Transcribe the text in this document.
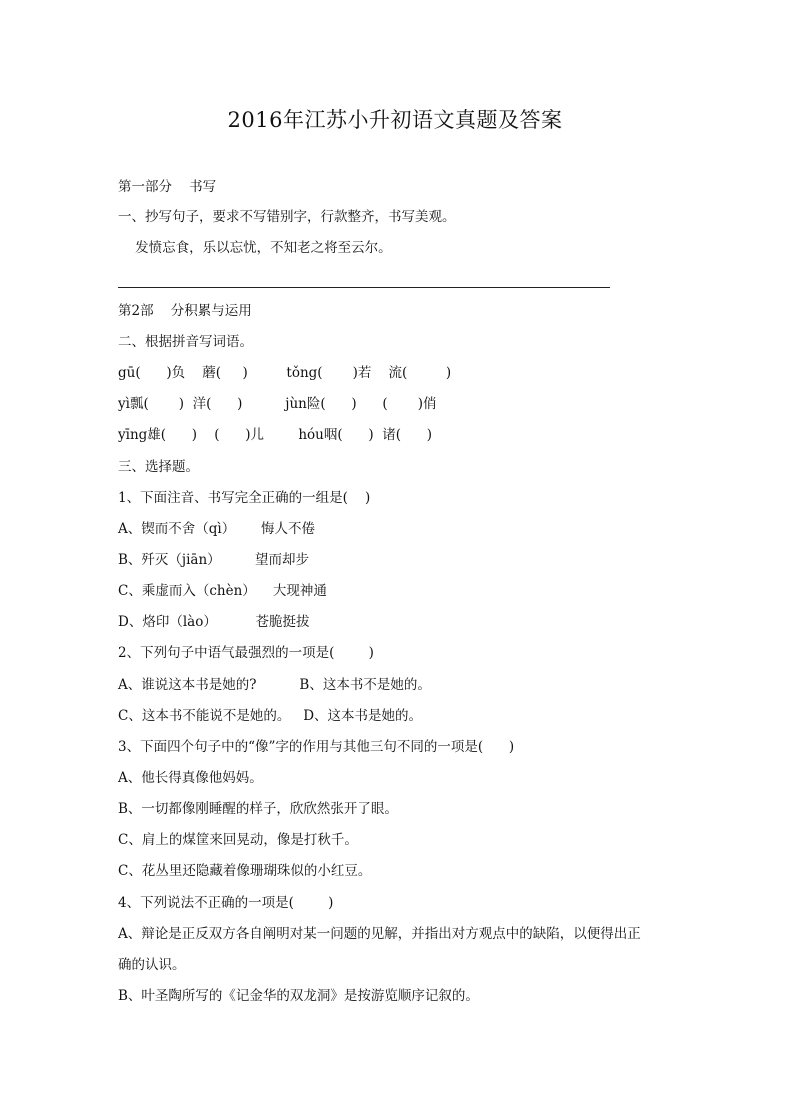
2016年江苏小升初语文真题及答案
第一部分    书写
一、抄写句子，要求不写错别字，行款整齐，书写美观。
发愤忘食，乐以忘忧，不知老之将至云尔。
第2部    分积累与运用
二、根据拼音写词语。
gū(      )负    蘑(     )         tǒng(       )若    流(         )
yì瓢(       )  洋(      )          jùn险(      )      (       )俏
yīng雄(      )    (      )儿        hóu咽(      )  诸(      )
三、选择题。
1、下面注音、书写完全正确的一组是(    )
A、锲而不舍（qì）      悔人不倦
B、歼灭（jiān）        望而却步
C、乘虚而入（chèn）    大现神通
D、烙印（lào）         苍脆挺拔
2、下列句子中语气最强烈的一项是(        )
A、谁说这本书是她的?          B、这本书不是她的。
C、这本书不能说不是她的。   D、这本书是她的。
3、下面四个句子中的“像”字的作用与其他三句不同的一项是(      )
A、他长得真像他妈妈。
B、一切都像刚睡醒的样子，欣欣然张开了眼。
C、肩上的煤筐来回晃动，像是打秋千。
C、花丛里还隐藏着像珊瑚珠似的小红豆。
4、下列说法不正确的一项是(        )
A、辩论是正反双方各自阐明对某一问题的见解，并指出对方观点中的缺陷，以便得出正
确的认识。
B、叶圣陶所写的《记金华的双龙洞》是按游览顺序记叙的。
